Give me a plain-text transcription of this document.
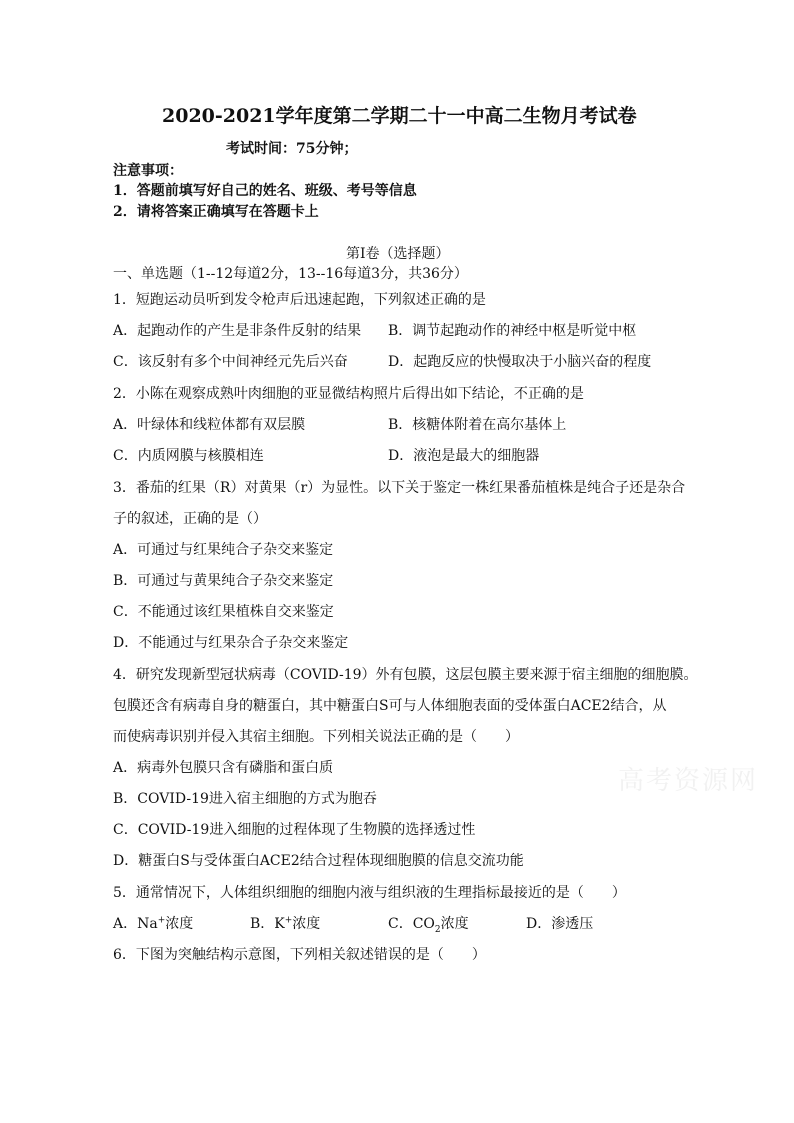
2020-2021学年度第二学期二十一中高二生物月考试卷
考试时间：75分钟；
注意事项：
1．答题前填写好自己的姓名、班级、考号等信息
2．请将答案正确填写在答题卡上
第I卷（选择题）
一、单选题（1--12每道2分，13--16每道3分，共36分）
1．短跑运动员听到发令枪声后迅速起跑，下列叙述正确的是
A．起跑动作的产生是非条件反射的结果 B．调节起跑动作的神经中枢是听觉中枢
C．该反射有多个中间神经元先后兴奋	D．起跑反应的快慢取决于小脑兴奋的程度
2．小陈在观察成熟叶肉细胞的亚显微结构照片后得出如下结论，不正确的是
A．叶绿体和线粒体都有双层膜	B．核糖体附着在高尔基体上
C．内质网膜与核膜相连	D．液泡是最大的细胞器
3．番茄的红果（R）对黄果（r）为显性。以下关于鉴定一株红果番茄植株是纯合子还是杂合
子的叙述，正确的是（）
A．可通过与红果纯合子杂交来鉴定
B．可通过与黄果纯合子杂交来鉴定
C．不能通过该红果植株自交来鉴定
D．不能通过与红果杂合子杂交来鉴定
4．研究发现新型冠状病毒（COVID-19）外有包膜，这层包膜主要来源于宿主细胞的细胞膜。
包膜还含有病毒自身的糖蛋白，其中糖蛋白S可与人体细胞表面的受体蛋白ACE2结合，从
而使病毒识别并侵入其宿主细胞。下列相关说法正确的是（　　）
A．病毒外包膜只含有磷脂和蛋白质
B．COVID-19进入宿主细胞的方式为胞吞
C．COVID-19进入细胞的过程体现了生物膜的选择透过性
D．糖蛋白S与受体蛋白ACE2结合过程体现细胞膜的信息交流功能
5．通常情况下，人体组织细胞的细胞内液与组织液的生理指标最接近的是（　　）
A．Na+浓度	B．K+浓度	C．$CO_2$浓度	D．渗透压
6．下图为突触结构示意图，下列相关叙述错误的是（　　）
高考资源网
